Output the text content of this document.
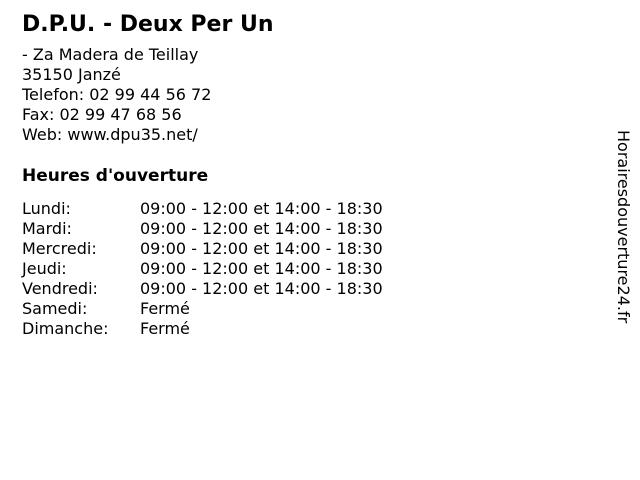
D.P.U. - Deux Per Un
- Za Madera de Teillay
35150 Janzé
Telefon: 02 99 44 56 72
Fax: 02 99 47 68 56
Web: www.dpu35.net/
Heures d'ouverture
Lundi:	09:00 - 12:00 et 14:00 - 18:30
Mardi:	09:00 - 12:00 et 14:00 - 18:30
Mercredi:	09:00 - 12:00 et 14:00 - 18:30
Jeudi:	09:00 - 12:00 et 14:00 - 18:30
Vendredi:	09:00 - 12:00 et 14:00 - 18:30
Samedi:	Fermé
Dimanche:	Fermé
Horairesdouverture24.fr
